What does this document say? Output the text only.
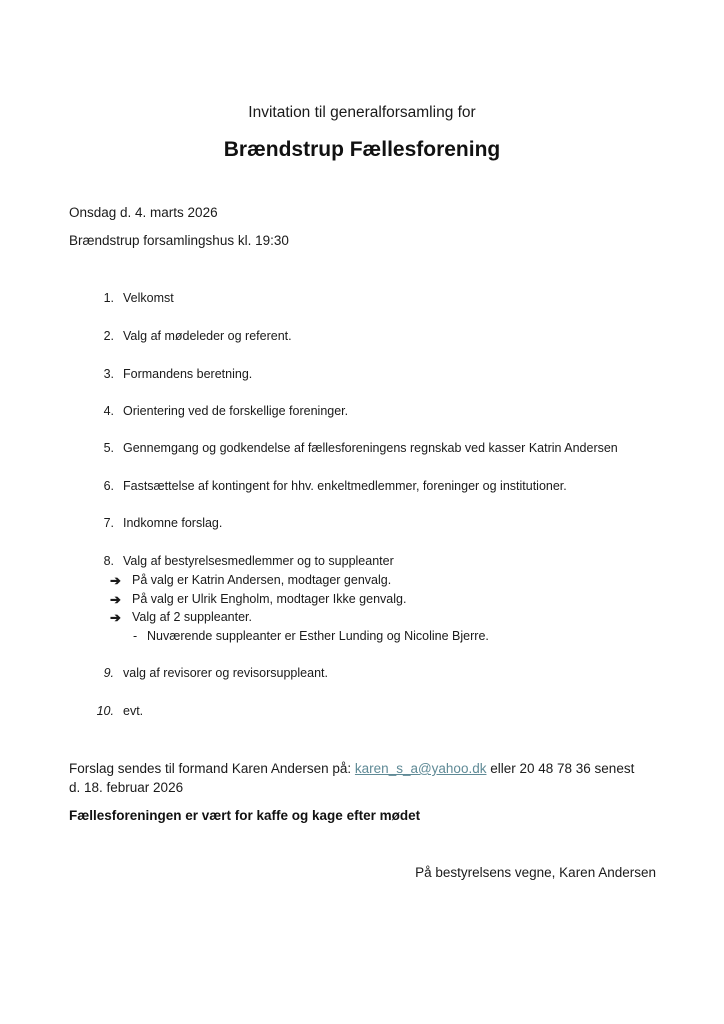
Invitation til generalforsamling for
Brændstrup Fællesforening
Onsdag d. 4. marts 2026
Brændstrup forsamlingshus kl. 19:30
1. Velkomst
2. Valg af mødeleder og referent.
3. Formandens beretning.
4. Orientering ved de forskellige foreninger.
5. Gennemgang og godkendelse af fællesforeningens regnskab ved kasser Katrin Andersen
6. Fastsættelse af kontingent for hhv. enkeltmedlemmer, foreninger og institutioner.
7. Indkomne forslag.
8. Valg af bestyrelsesmedlemmer og to suppleanter
➔ På valg er Katrin Andersen, modtager genvalg.
➔ På valg er Ulrik Engholm, modtager Ikke genvalg.
➔ Valg af 2 suppleanter.
- Nuværende suppleanter er Esther Lunding og Nicoline Bjerre.
9. valg af revisorer og revisorsuppleant.
10. evt.
Forslag sendes til formand Karen Andersen på: karen_s_a@yahoo.dk eller 20 48 78 36 senest
d. 18. februar 2026
Fællesforeningen er vært for kaffe og kage efter mødet
På bestyrelsens vegne, Karen Andersen
